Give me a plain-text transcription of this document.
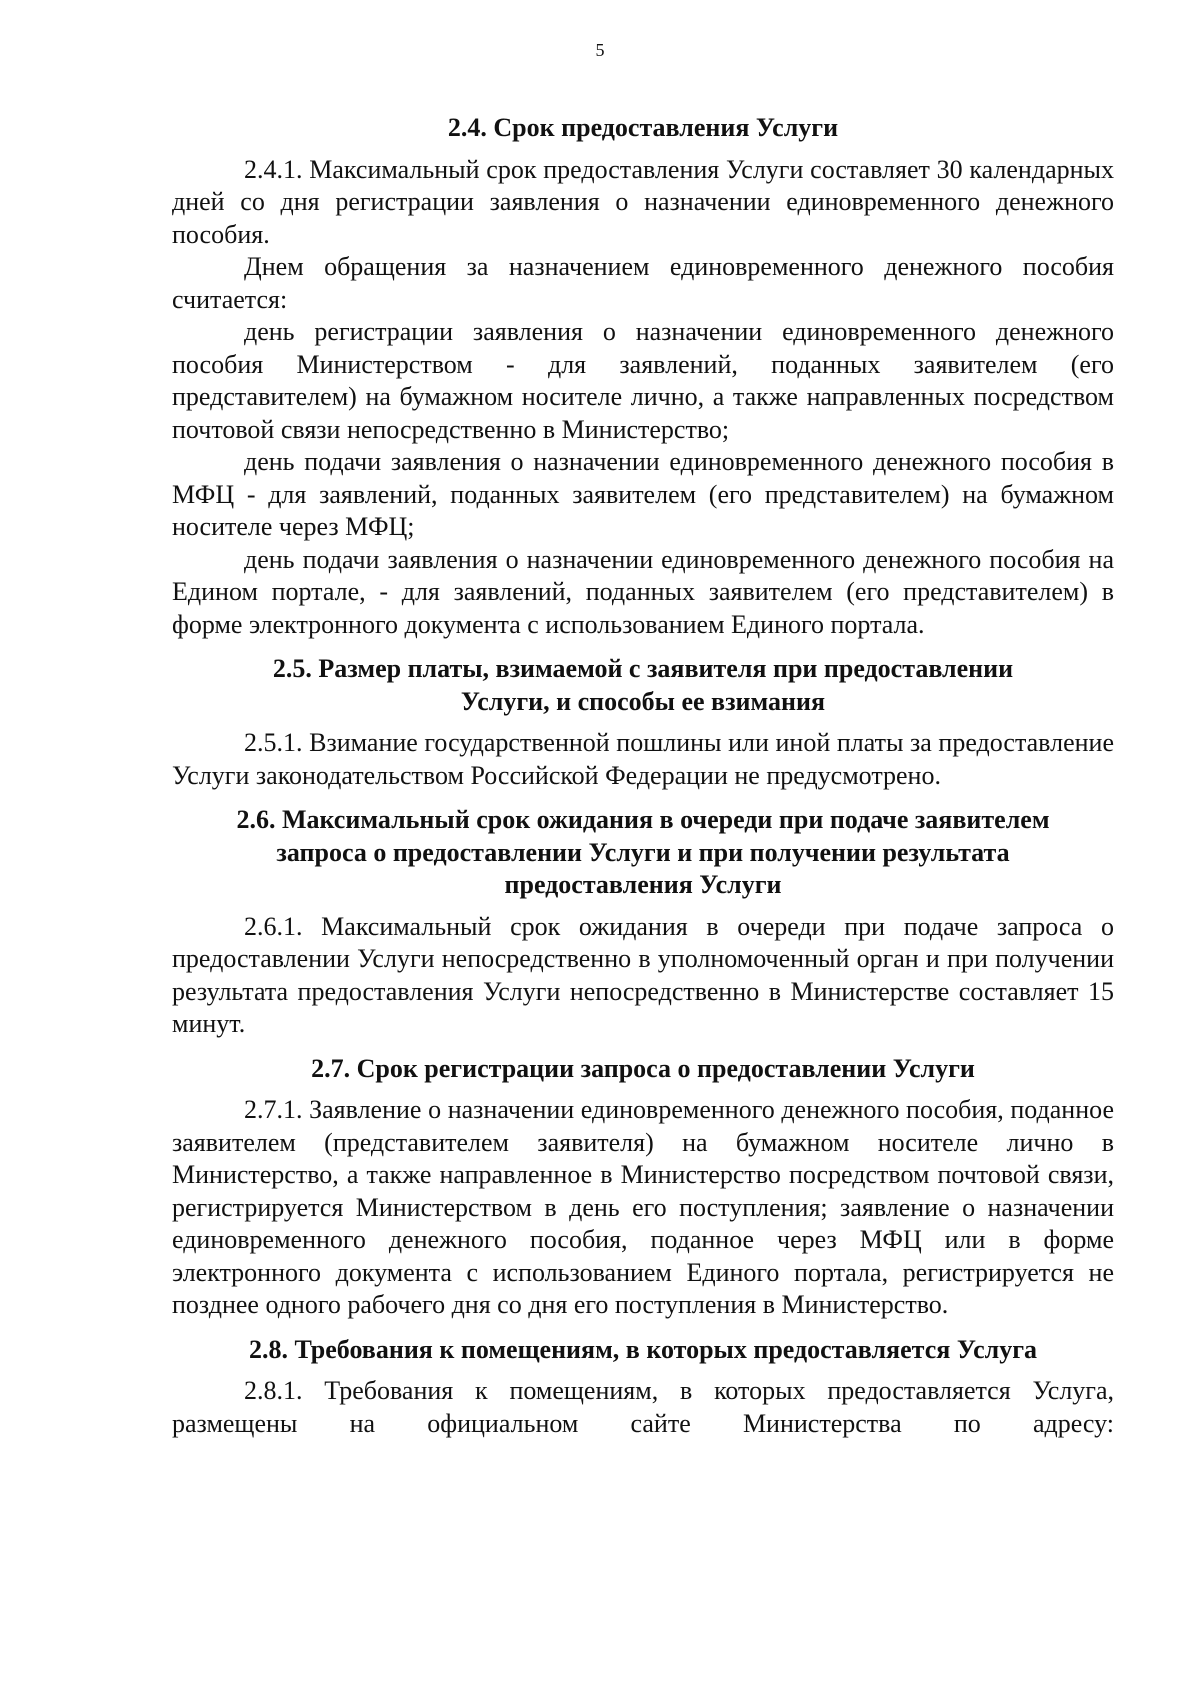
5
2.4. Срок предоставления Услуги

2.4.1. Максимальный срок предоставления Услуги составляет 30 календарных дней со дня регистрации заявления о назначении единовременного денежного пособия.

Днем обращения за назначением единовременного денежного пособия считается:

день регистрации заявления о назначении единовременного денежного пособия Министерством - для заявлений, поданных заявителем (его представителем) на бумажном носителе лично, а также направленных посредством почтовой связи непосредственно в Министерство;

день подачи заявления о назначении единовременного денежного пособия в МФЦ - для заявлений, поданных заявителем (его представителем) на бумажном носителе через МФЦ;

день подачи заявления о назначении единовременного денежного пособия на Едином портале, - для заявлений, поданных заявителем (его представителем) в форме электронного документа с использованием Единого портала.

2.5. Размер платы, взимаемой с заявителя при предоставлении
Услуги, и способы ее взимания

2.5.1. Взимание государственной пошлины или иной платы за предоставление Услуги законодательством Российской Федерации не предусмотрено.

2.6. Максимальный срок ожидания в очереди при подаче заявителем
запроса о предоставлении Услуги и при получении результата
предоставления Услуги

2.6.1. Максимальный срок ожидания в очереди при подаче запроса о предоставлении Услуги непосредственно в уполномоченный орган и при получении результата предоставления Услуги непосредственно в Министерстве составляет 15 минут.

2.7. Срок регистрации запроса о предоставлении Услуги

2.7.1. Заявление о назначении единовременного денежного пособия, поданное заявителем (представителем заявителя) на бумажном носителе лично в Министерство, а также направленное в Министерство посредством почтовой связи, регистрируется Министерством в день его поступления; заявление о назначении единовременного денежного пособия, поданное через МФЦ или в форме электронного документа с использованием Единого портала, регистрируется не позднее одного рабочего дня со дня его поступления в Министерство.

2.8. Требования к помещениям, в которых предоставляется Услуга

2.8.1. Требования к помещениям, в которых предоставляется Услуга, размещены на официальном сайте Министерства по адресу:
